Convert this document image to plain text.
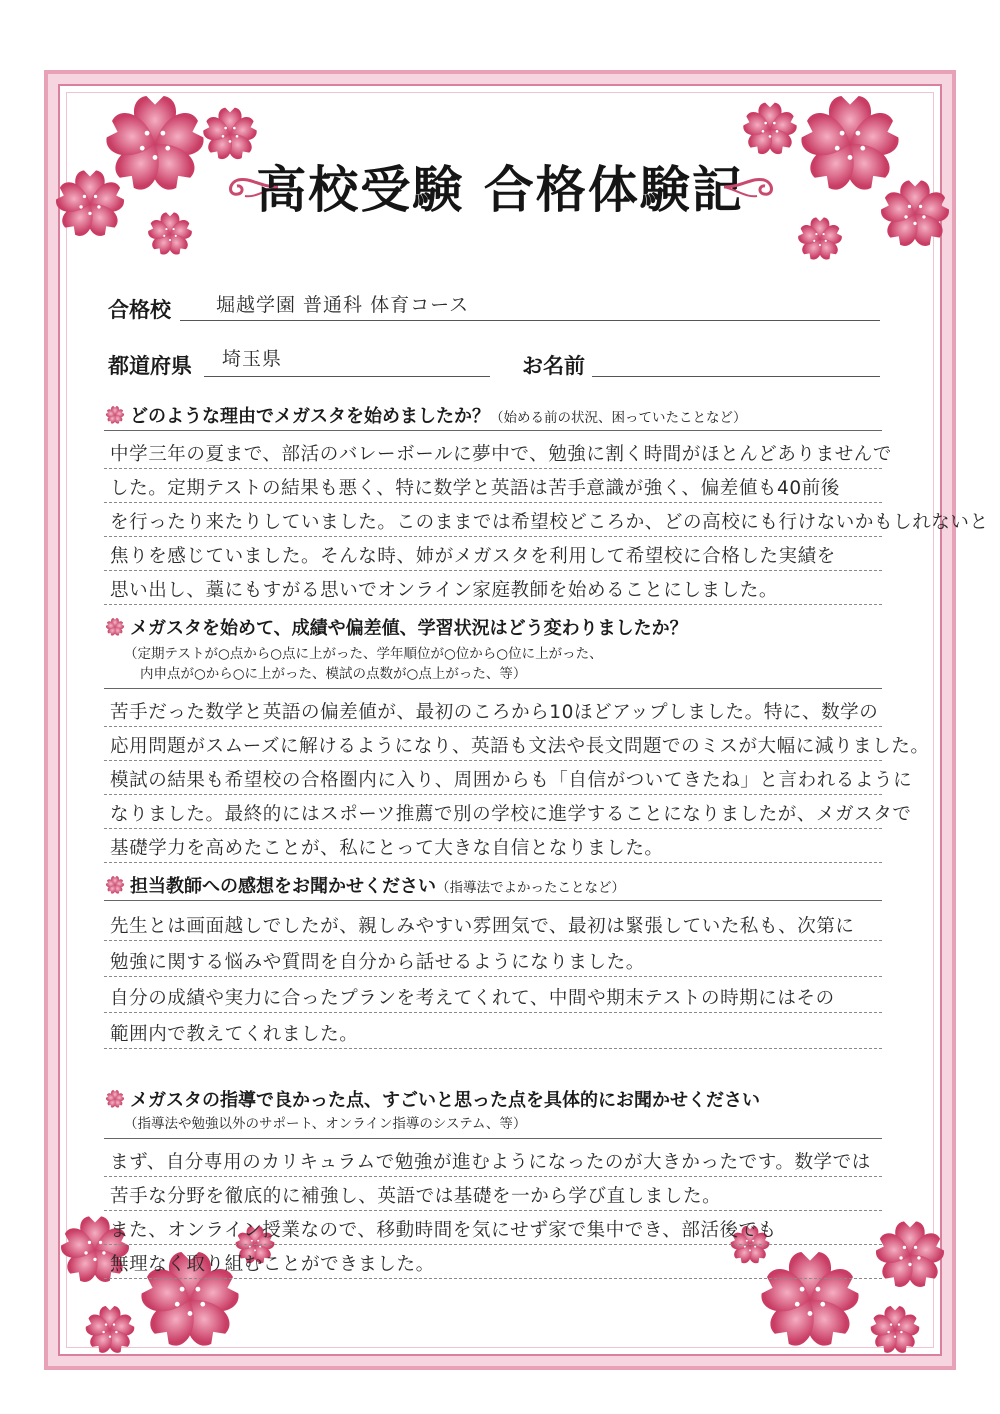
高校受験 合格体験記
合格校 堀越学園 普通科 体育コース
都道府県 埼玉県	お名前
どのような理由でメガスタを始めましたか？（始める前の状況、困っていたことなど）
中学三年の夏まで、部活のバレーボールに夢中で、勉強に割く時間がほとんどありませんで
した。定期テストの結果も悪く、特に数学と英語は苦手意識が強く、偏差値も40前後
を行ったり来たりしていました。このままでは希望校どころか、どの高校にも行けないかもしれないと
焦りを感じていました。そんな時、姉がメガスタを利用して希望校に合格した実績を
思い出し、藁にもすがる思いでオンライン家庭教師を始めることにしました。
メガスタを始めて、成績や偏差値、学習状況はどう変わりましたか？
（定期テストが○点から○点に上がった、学年順位が○位から○位に上がった、
内申点が○から○に上がった、模試の点数が○点上がった、等）
苦手だった数学と英語の偏差値が、最初のころから10ほどアップしました。特に、数学の
応用問題がスムーズに解けるようになり、英語も文法や長文問題でのミスが大幅に減りました。
模試の結果も希望校の合格圏内に入り、周囲からも「自信がついてきたね」と言われるように
なりました。最終的にはスポーツ推薦で別の学校に進学することになりましたが、メガスタで
基礎学力を高めたことが、私にとって大きな自信となりました。
担当教師への感想をお聞かせください（指導法でよかったことなど）
先生とは画面越しでしたが、親しみやすい雰囲気で、最初は緊張していた私も、次第に
勉強に関する悩みや質問を自分から話せるようになりました。
自分の成績や実力に合ったプランを考えてくれて、中間や期末テストの時期にはその
範囲内で教えてくれました。
メガスタの指導で良かった点、すごいと思った点を具体的にお聞かせください
（指導法や勉強以外のサポート、オンライン指導のシステム、等）
まず、自分専用のカリキュラムで勉強が進むようになったのが大きかったです。数学では
苦手な分野を徹底的に補強し、英語では基礎を一から学び直しました。
また、オンライン授業なので、移動時間を気にせず家で集中でき、部活後でも
無理なく取り組むことができました。
